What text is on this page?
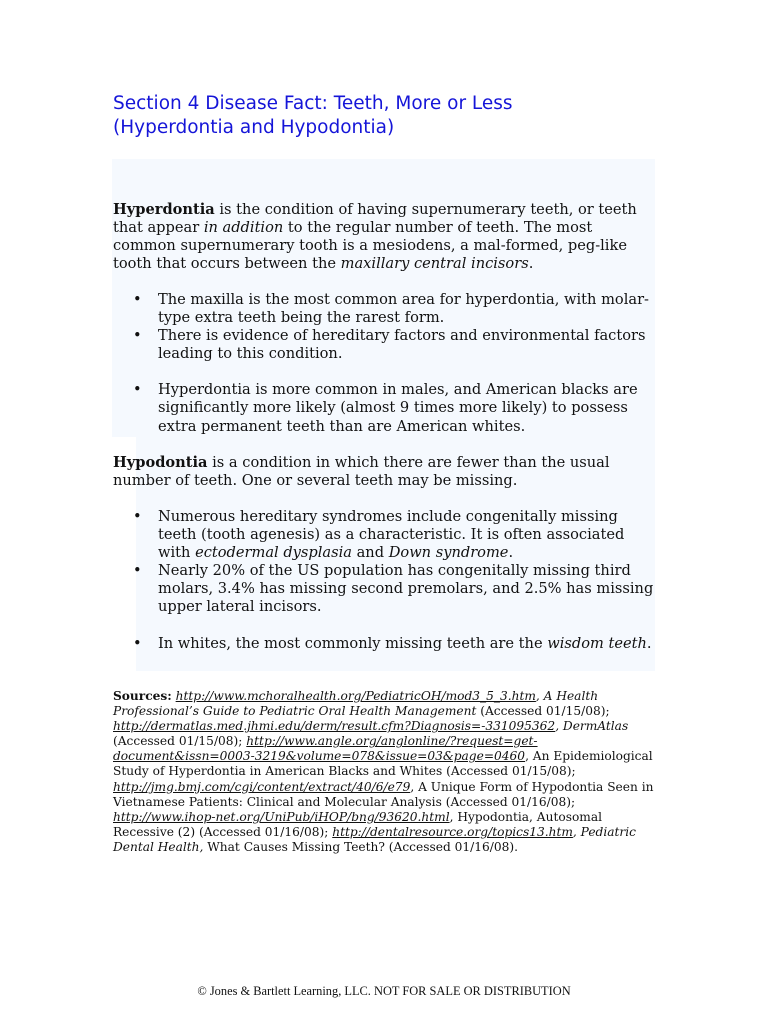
Section 4 Disease Fact: Teeth, More or Less
(Hyperdontia and Hypodontia)

Hyperdontia is the condition of having supernumerary teeth, or teeth that appear in addition to the regular number of teeth. The most common supernumerary tooth is a mesiodens, a mal-formed, peg-like tooth that occurs between the maxillary central incisors.

• The maxilla is the most common area for hyperdontia, with molar-type extra teeth being the rarest form.
• There is evidence of hereditary factors and environmental factors leading to this condition.
• Hyperdontia is more common in males, and American blacks are significantly more likely (almost 9 times more likely) to possess extra permanent teeth than are American whites.

Hypodontia is a condition in which there are fewer than the usual number of teeth. One or several teeth may be missing.

• Numerous hereditary syndromes include congenitally missing teeth (tooth agenesis) as a characteristic. It is often associated with ectodermal dysplasia and Down syndrome.
• Nearly 20% of the US population has congenitally missing third molars, 3.4% has missing second premolars, and 2.5% has missing upper lateral incisors.
• In whites, the most commonly missing teeth are the wisdom teeth.

Sources: http://www.mchoralhealth.org/PediatricOH/mod3_5_3.htm, A Health Professional’s Guide to Pediatric Oral Health Management (Accessed 01/15/08); http://dermatlas.med.jhmi.edu/derm/result.cfm?Diagnosis=-331095362, DermAtlas (Accessed 01/15/08); http://www.angle.org/anglonline/?request=get-document&issn=0003-3219&volume=078&issue=03&page=0460, An Epidemiological Study of Hyperdontia in American Blacks and Whites (Accessed 01/15/08); http://jmg.bmj.com/cgi/content/extract/40/6/e79, A Unique Form of Hypodontia Seen in Vietnamese Patients: Clinical and Molecular Analysis (Accessed 01/16/08); http://www.ihop-net.org/UniPub/iHOP/bng/93620.html, Hypodontia, Autosomal Recessive (2) (Accessed 01/16/08); http://dentalresource.org/topics13.htm, Pediatric Dental Health, What Causes Missing Teeth? (Accessed 01/16/08).

© Jones & Bartlett Learning, LLC. NOT FOR SALE OR DISTRIBUTION
